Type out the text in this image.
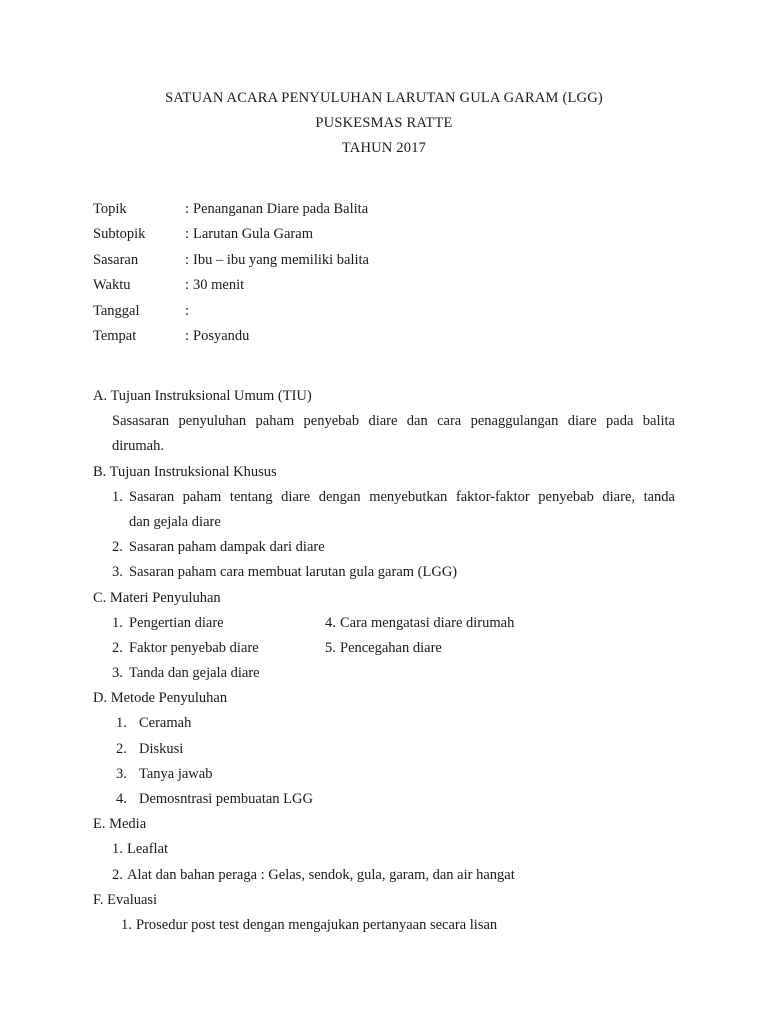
SATUAN ACARA PENYULUHAN LARUTAN GULA GARAM (LGG)
PUSKESMAS RATTE
TAHUN 2017
Topik	: Penanganan Diare pada Balita
Subtopik	: Larutan Gula Garam
Sasaran	: Ibu – ibu yang memiliki balita
Waktu	: 30 menit
Tanggal	:
Tempat	: Posyandu
A. Tujuan Instruksional Umum (TIU)
Sasasaran penyuluhan paham penyebab diare dan cara penaggulangan diare pada balita
dirumah.
B. Tujuan Instruksional Khusus
1. Sasaran paham tentang diare dengan menyebutkan faktor-faktor penyebab diare, tanda
dan gejala diare
2. Sasaran paham dampak dari diare
3. Sasaran paham cara membuat larutan gula garam (LGG)
C. Materi Penyuluhan
1. Pengertian diare	4. Cara mengatasi diare dirumah
2. Faktor penyebab diare	5. Pencegahan diare
3. Tanda dan gejala diare
D. Metode Penyuluhan
1. Ceramah
2. Diskusi
3. Tanya jawab
4. Demosntrasi pembuatan LGG
E. Media
1. Leaflat
2. Alat dan bahan peraga : Gelas, sendok, gula, garam, dan air hangat
F. Evaluasi
1. Prosedur post test dengan mengajukan pertanyaan secara lisan
